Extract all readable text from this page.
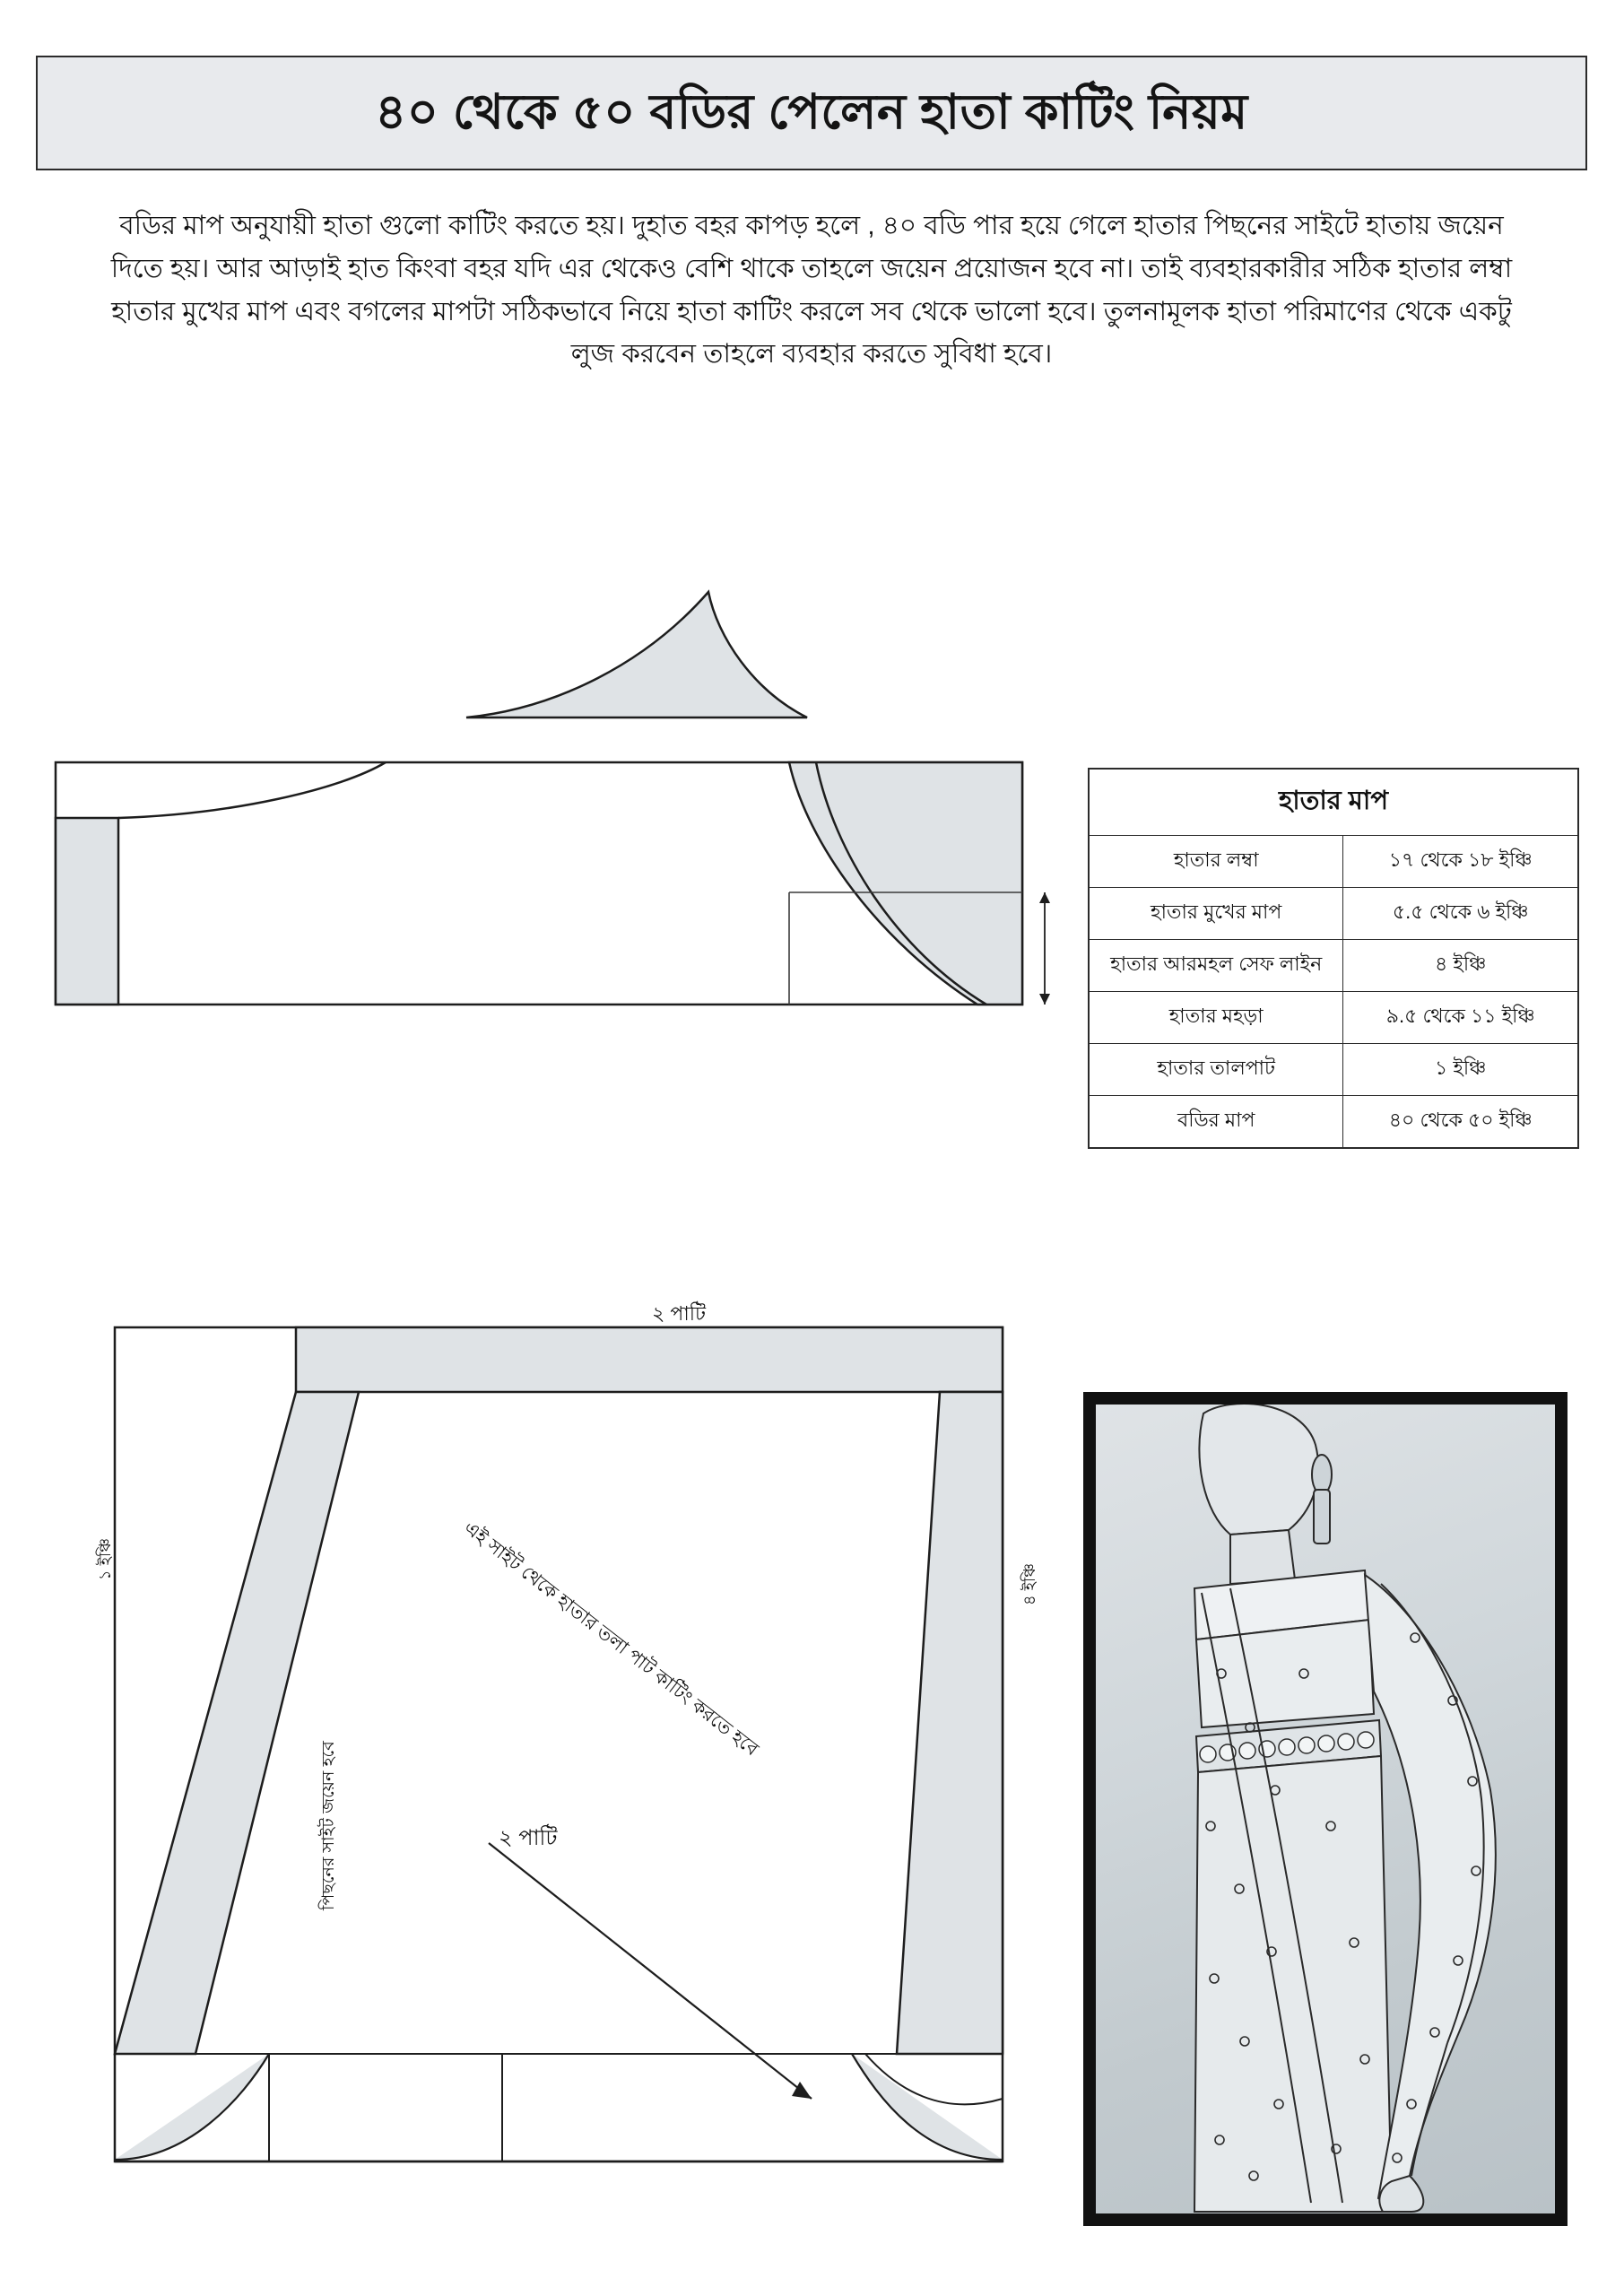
৪০ থেকে ৫০ বডির পেলেন হাতা কাটিং নিয়ম
বডির মাপ অনুযায়ী হাতা গুলো কাটিং করতে হয়। দুহাত বহর কাপড় হলে , ৪০ বডি পার হয়ে গেলে হাতার পিছনের সাইটে হাতায় জয়েন দিতে হয়। আর আড়াই হাত কিংবা বহর যদি এর থেকেও বেশি থাকে তাহলে জয়েন প্রয়োজন হবে না। তাই ব্যবহারকারীর সঠিক হাতার লম্বা হাতার মুখের মাপ এবং বগলের মাপটা সঠিকভাবে নিয়ে হাতা কাটিং করলে সব থেকে ভালো হবে। তুলনামূলক হাতা পরিমাণের থেকে একটু লুজ করবেন তাহলে ব্যবহার করতে সুবিধা হবে।
২ পাটি
১ ইঞ্চি
৪ ইঞ্চি
হাতার মাপ	
হাতার লম্বা	১৭ থেকে ১৮ ইঞ্চি
হাতার মুখের মাপ	৫.৫ থেকে ৬ ইঞ্চি
হাতার আরমহল সেফ লাইন	৪ ইঞ্চি
হাতার মহড়া	৯.৫ থেকে ১১ ইঞ্চি
হাতার তালপাট	১ ইঞ্চি
বডির মাপ	৪০ থেকে ৫০ ইঞ্চি
২ পাটি
পিছনের সাইট জয়েন হবে
এই সাইট থেকে হাতার তলা পাট কাটিং করতে হবে
